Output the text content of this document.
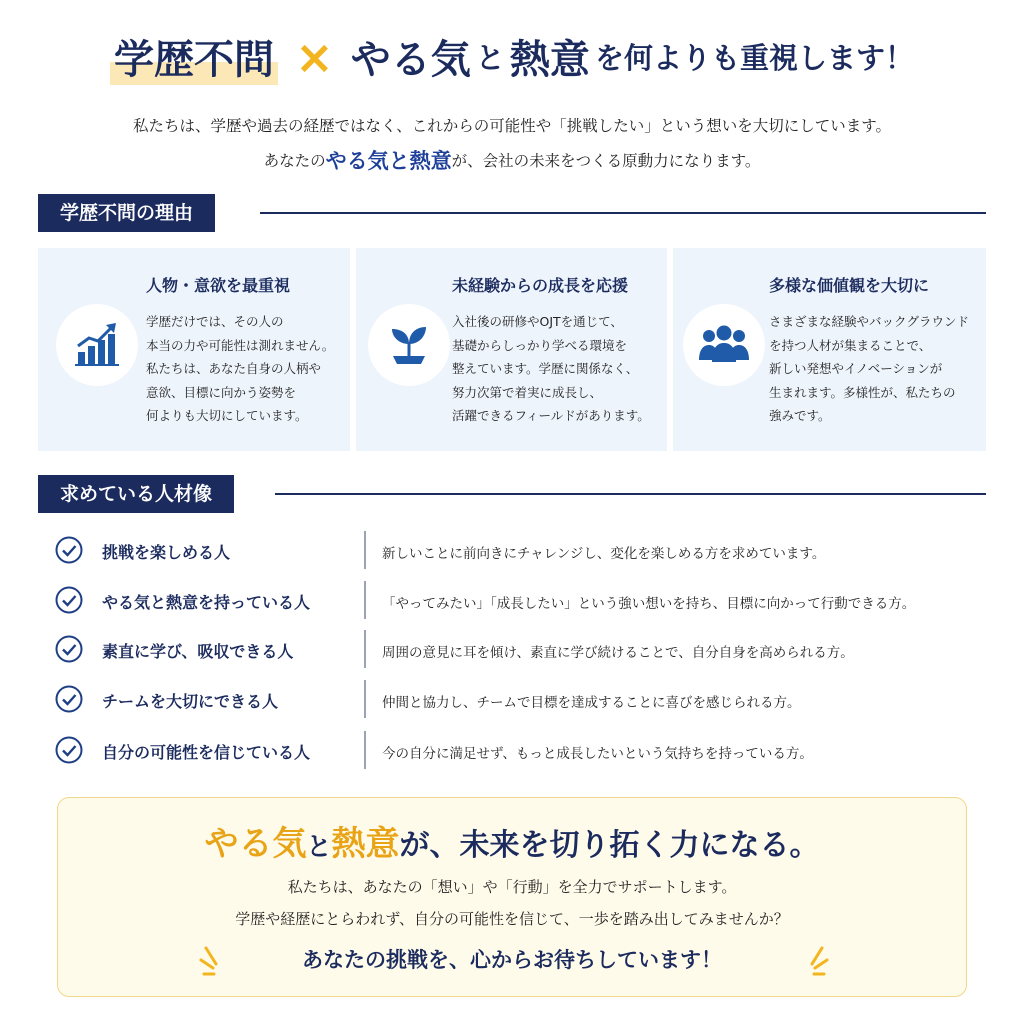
学歴不問 × やる気 と 熱意 を何よりも重視します！
私たちは、学歴や過去の経歴ではなく、これからの可能性や「挑戦したい」という想いを大切にしています。
あなたのやる気と熱意が、会社の未来をつくる原動力になります。
学歴不問の理由
人物・意欲を最重視
学歴だけでは、その人の
本当の力や可能性は測れません。
私たちは、あなた自身の人柄や
意欲、目標に向かう姿勢を
何よりも大切にしています。
未経験からの成長を応援
入社後の研修やOJTを通じて、
基礎からしっかり学べる環境を
整えています。学歴に関係なく、
努力次第で着実に成長し、
活躍できるフィールドがあります。
多様な価値観を大切に
さまざまな経験やバックグラウンド
を持つ人材が集まることで、
新しい発想やイノベーションが
生まれます。多様性が、私たちの
強みです。
求めている人材像
挑戦を楽しめる人	新しいことに前向きにチャレンジし、変化を楽しめる方を求めています。
やる気と熱意を持っている人	「やってみたい」「成長したい」という強い想いを持ち、目標に向かって行動できる方。
素直に学び、吸収できる人	周囲の意見に耳を傾け、素直に学び続けることで、自分自身を高められる方。
チームを大切にできる人	仲間と協力し、チームで目標を達成することに喜びを感じられる方。
自分の可能性を信じている人	今の自分に満足せず、もっと成長したいという気持ちを持っている方。
やる気と熱意が、未来を切り拓く力になる。
私たちは、あなたの「想い」や「行動」を全力でサポートします。
学歴や経歴にとらわれず、自分の可能性を信じて、一歩を踏み出してみませんか？
あなたの挑戦を、心からお待ちしています！
